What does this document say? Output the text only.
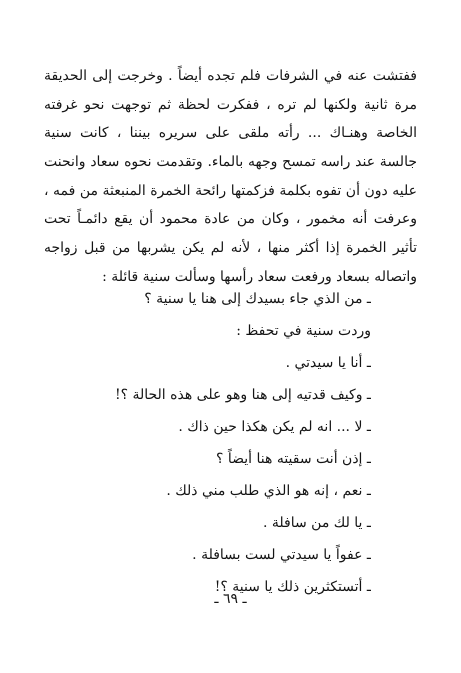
ففتشت عنه في الشرفات فلم تجده أيضاً . وخرجت إلى الحديقة
مرة ثانية ولكنها لم تره ، ففكرت لحظة ثم توجهت نحو غرفته
الخاصة وهنـاك ... رأته ملقى على سريره بيننا ، كانت سنية
جالسة عند راسه تمسح وجهه بالماء. وتقدمت نحوه سعاد وانحنت
عليه دون أن تفوه بكلمة فزكمتها رائحة الخمرة المنبعثة من فمه ،
وعرفت أنه مخمور ، وكان من عادة محمود أن يقع دائمـاً تحت
تأثير الخمرة إذا أكثر منها ، لأنه لم يكن يشربها من قبل زواجه
واتصاله بسعاد ورفعت سعاد رأسها وسألت سنية قائلة :
ـ من الذي جاء بسيدك إلى هنا يا سنية ؟
وردت سنية في تحفظ :
ـ أنا يا سيدتي .
ـ وكيف قدتيه إلى هنا وهو على هذه الحالة ؟!
ـ لا ... انه لم يكن هكذا حين ذاك .
ـ إذن أنت سقيته هنا أيضاً ؟
ـ نعم ، إنه هو الذي طلب مني ذلك .
ـ يا لك من سافلة .
ـ عفواً يا سيدتي لست بسافلة .
ـ أتستكثرين ذلك يا سنية ؟!
ـ ٦٩ ـ
